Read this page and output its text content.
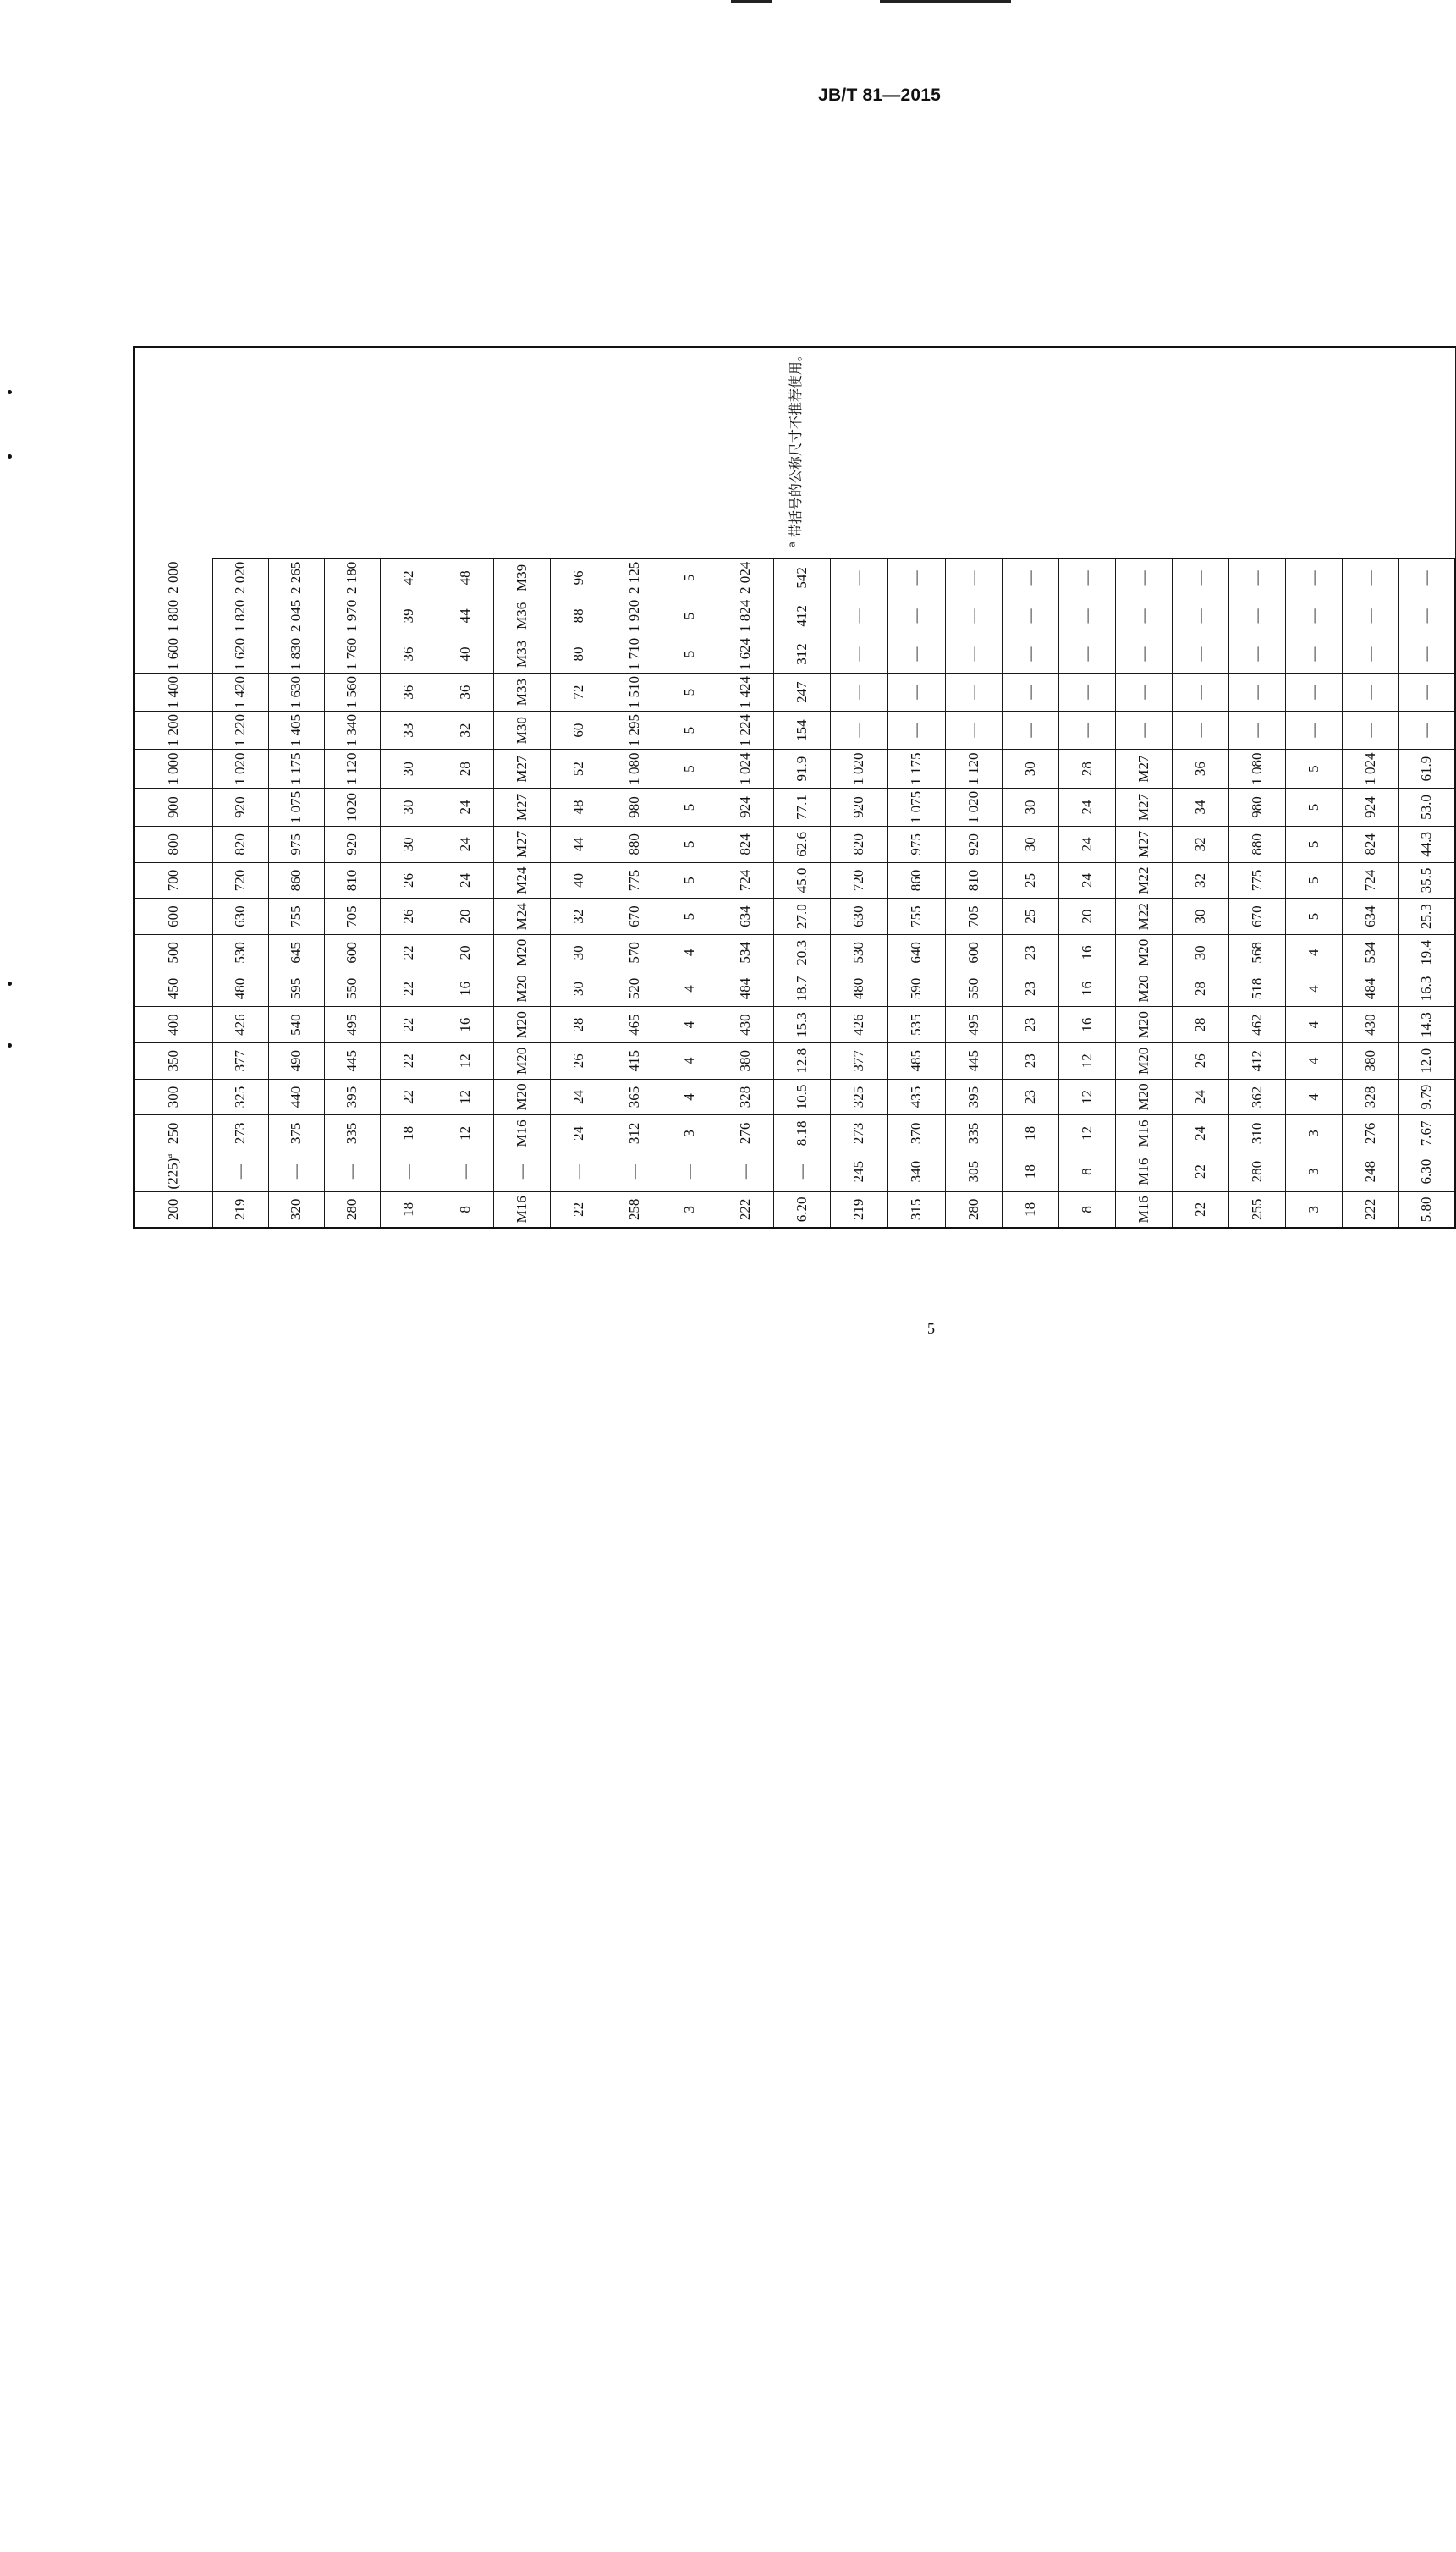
JB/T 81—2015
200	$(225)^a$	250	300	350	400	450	500	600	700	800	900	1 000	1 200	1 400	1 600	1 800	2 000	$^a$ 带括号的公称尺寸不推荐使用。
219	—	273	325	377	426	480	530	630	720	820	920	1 020	1 220	1 420	1 620	1 820	2 020	
320	—	375	440	490	540	595	645	755	860	975	1 075	1 175	1 405	1 630	1 830	2 045	2 265	
280	—	335	395	445	495	550	600	705	810	920	1020	1 120	1 340	1 560	1 760	1 970	2 180	
18	—	18	22	22	22	22	22	26	26	30	30	30	33	36	36	39	42	
8	—	12	12	12	16	16	20	20	24	24	24	28	32	36	40	44	48	
M16	—	M16	M20	M20	M20	M20	M20	M24	M24	M27	M27	M27	M30	M33	M33	M36	M39	
22	—	24	24	26	28	30	30	32	40	44	48	52	60	72	80	88	96	
258	—	312	365	415	465	520	570	670	775	880	980	1 080	1 295	1 510	1 710	1 920	2 125	
3	—	3	4	4	4	4	4	5	5	5	5	5	5	5	5	5	5	
222	—	276	328	380	430	484	534	634	724	824	924	1 024	1 224	1 424	1 624	1 824	2 024	
6.20	—	8.18	10.5	12.8	15.3	18.7	20.3	27.0	45.0	62.6	77.1	91.9	154	247	312	412	542	
219	245	273	325	377	426	480	530	630	720	820	920	1 020	—	—	—	—	—	
315	340	370	435	485	535	590	640	755	860	975	1 075	1 175	—	—	—	—	—	
280	305	335	395	445	495	550	600	705	810	920	1 020	1 120	—	—	—	—	—	
18	18	18	23	23	23	23	23	25	25	30	30	30	—	—	—	—	—	
8	8	12	12	12	16	16	16	20	24	24	24	28	—	—	—	—	—	
M16	M16	M16	M20	M20	M20	M20	M20	M22	M22	M27	M27	M27	—	—	—	—	—	
22	22	24	24	26	28	28	30	30	32	32	34	36	—	—	—	—	—	
255	280	310	362	412	462	518	568	670	775	880	980	1 080	—	—	—	—	—	
3	3	3	4	4	4	4	4	5	5	5	5	5	—	—	—	—	—	
222	248	276	328	380	430	484	534	634	724	824	924	1 024	—	—	—	—	—	
5.80	6.30	7.67	9.79	12.0	14.3	16.3	19.4	25.3	35.5	44.3	53.0	61.9	—	—	—	—	—	
5
